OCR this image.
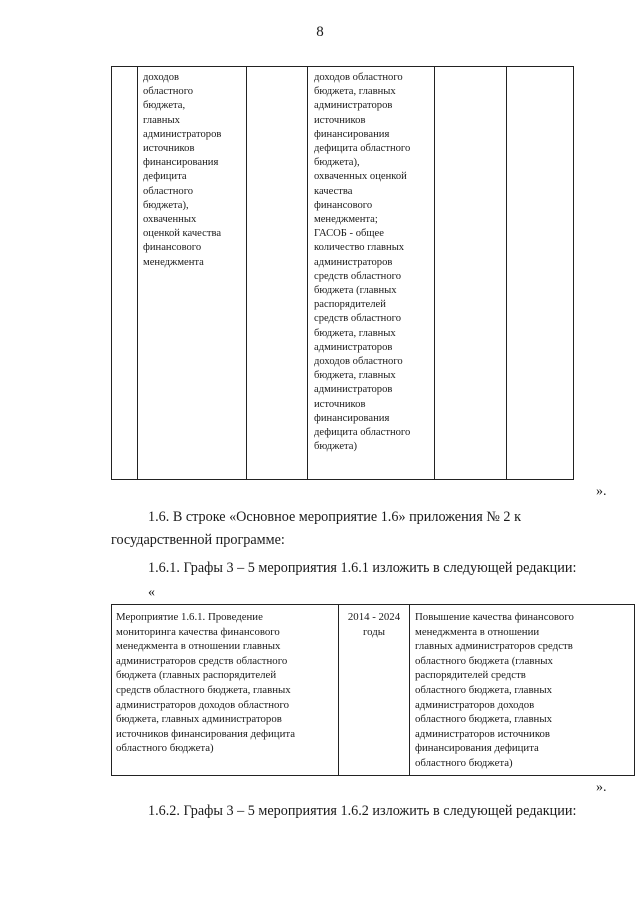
8
доходов
областного
бюджета,
главных
администраторов
источников
финансирования
дефицита
областного
бюджета),
охваченных
оценкой качества
финансового
менеджмента
доходов областного
бюджета, главных
администраторов
источников
финансирования
дефицита областного
бюджета),
охваченных оценкой
качества
финансового
менеджмента;
ГАСОБ - общее
количество главных
администраторов
средств областного
бюджета (главных
распорядителей
средств областного
бюджета, главных
администраторов
доходов областного
бюджета, главных
администраторов
источников
финансирования
дефицита областного
бюджета)
».
1.6. В строке «Основное мероприятие 1.6» приложения № 2 к
государственной программе:
1.6.1. Графы 3 – 5 мероприятия 1.6.1 изложить в следующей редакции:
«
Мероприятие 1.6.1. Проведение
мониторинга качества финансового
менеджмента в отношении главных
администраторов средств областного
бюджета (главных распорядителей
средств областного бюджета, главных
администраторов доходов областного
бюджета, главных администраторов
источников финансирования дефицита
областного бюджета)
2014 - 2024
годы
Повышение качества финансового
менеджмента в отношении
главных администраторов средств
областного бюджета (главных
распорядителей средств
областного бюджета, главных
администраторов доходов
областного бюджета, главных
администраторов источников
финансирования дефицита
областного бюджета)
».
1.6.2. Графы 3 – 5 мероприятия 1.6.2 изложить в следующей редакции:
